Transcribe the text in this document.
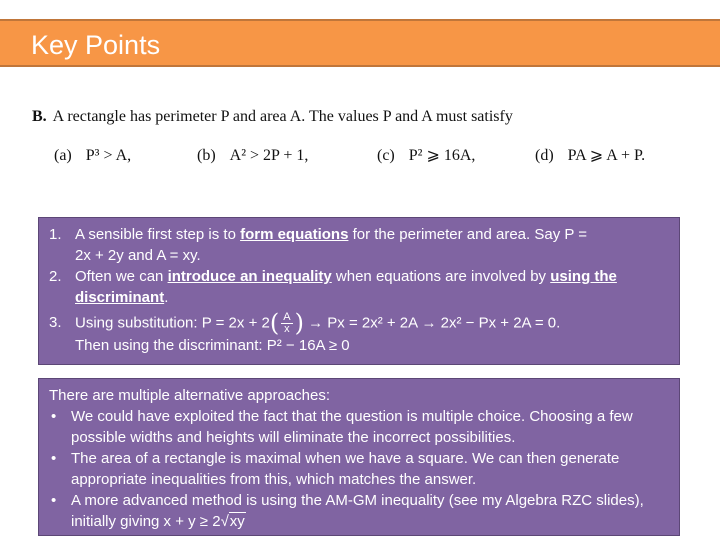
Key Points

B. A rectangle has perimeter P and area A. The values P and A must satisfy

(a) P³ > A,	(b) A² > 2P + 1,	(c) P² ⩾ 16A,	(d) PA ⩾ A + P.
1. A sensible first step is to form equations for the perimeter and area. Say P =
2x + 2y and A = xy.
2. Often we can introduce an inequality when equations are involved by using the
discriminant.
3. Using substitution: $P = 2x + 2( \frac{A}{x}$ ) → Px = 2x² + 2A → 2x² − Px + 2A = 0.
Then using the discriminant: P² − 16A ≥ 0
There are multiple alternative approaches:
• We could have exploited the fact that the question is multiple choice. Choosing a few possible widths and heights will eliminate the incorrect possibilities.
• The area of a rectangle is maximal when we have a square. We can then generate appropriate inequalities from this, which matches the answer.
• A more advanced method is using the AM-GM inequality (see my Algebra RZC slides), initially giving x + y ≥ 2√xy
